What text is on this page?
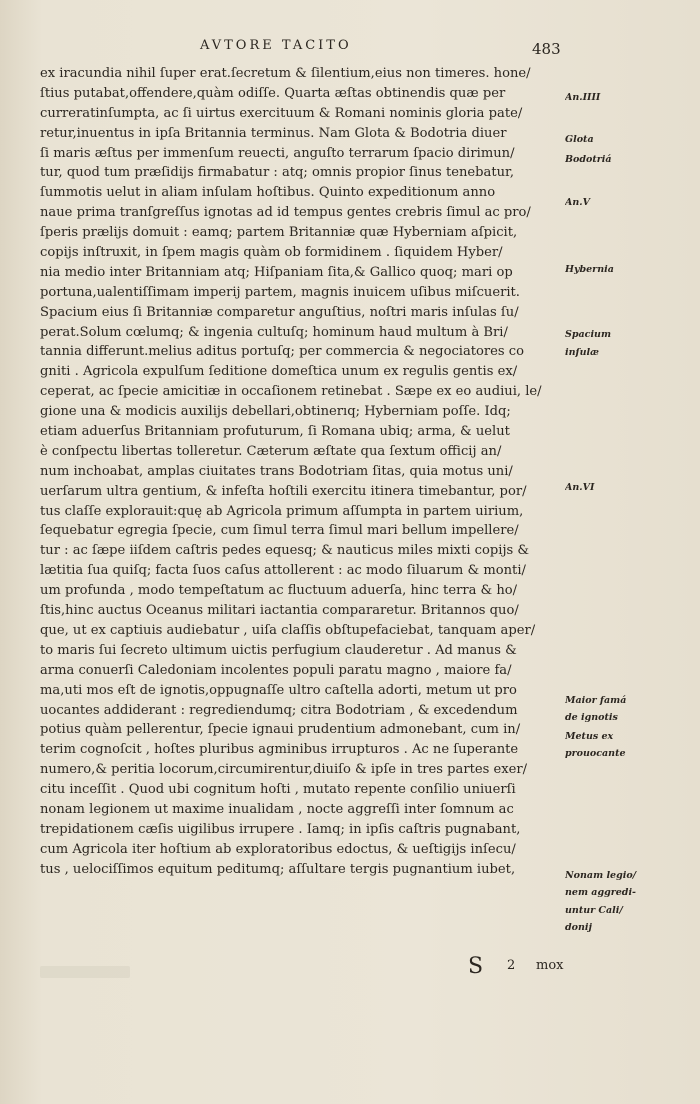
AVTORE TACITO	483
ex iracundia nihil ſuper erat.ſecretum & ſilentium,eius non timeres. hone/
ſtius putabat,offendere,quàm odiſſe. Quarta æſtas obtinendis quæ per
curreratinſumpta, ac ſi uirtus exercituum & Romani nominis gloria pate/
retur,inuentus in ipſa Britannia terminus. Nam Glota & Bodotria diuer
ſi maris æſtus per immenſum reuecti, anguſto terrarum ſpacio dirimun/
tur, quod tum præſidijs firmabatur : atq; omnis propior ſinus tenebatur,
ſummotis uelut in aliam inſulam hoſtibus. Quinto expeditionum anno
naue prima tranſgreſſus ignotas ad id tempus gentes crebris ſimul ac pro/
ſperis prælijs domuit : eamq; partem Britanniæ quæ Hyberniam aſpicit,
copijs inſtruxit, in ſpem magis quàm ob formidinem . ſiquidem Hyber/
nia medio inter Britanniam atq; Hiſpaniam ſita,& Gallico quoq; mari op
portuna,ualentiſſimam imperij partem, magnis inuicem uſibus miſcuerit.
Spacium eius ſi Britanniæ comparetur anguſtius, noſtri maris inſulas ſu/
perat.Solum cœlumq; & ingenia cultuſq; hominum haud multum à Bri/
tannia differunt.melius aditus portuſq; per commercia & negociatores co
gniti . Agricola expulſum ſeditione domeſtica unum ex regulis gentis ex/
ceperat, ac ſpecie amicitiæ in occaſionem retinebat . Sæpe ex eo audiui, le/
gione una & modicis auxilijs debellari,obtinerıq; Hyberniam poſſe. Idq;
etiam aduerſus Britanniam profuturum, ſi Romana ubiq; arma, & uelut
è conſpectu libertas tolleretur. Cæterum æſtate qua ſextum officij an/
num inchoabat, amplas ciuitates trans Bodotriam ſitas, quia motus uni/
uerſarum ultra gentium, & infeſta hoſtili exercitu itinera timebantur, por/
tus claſſe explorauit:quę ab Agricola primum aſſumpta in partem uirium,
ſequebatur egregia ſpecie, cum ſimul terra ſimul mari bellum impellere/
tur : ac ſæpe iiſdem caſtris pedes equesq; & nauticus miles mixti copijs &
lætitia ſua quiſq; facta ſuos caſus attollerent : ac modo ſiluarum & monti/
um profunda , modo tempeſtatum ac fluctuum aduerſa, hinc terra & ho/
ſtis,hinc auctus Oceanus militari iactantia compararetur. Britannos quo/
que, ut ex captiuis audiebatur , uiſa claſſis obſtupefaciebat, tanquam aper/
to maris ſui ſecreto ultimum uictis perfugium clauderetur . Ad manus &
arma conuerſi Caledoniam incolentes populi paratu magno , maiore fa/
ma,uti mos eſt de ignotis,oppugnaſſe ultro caſtella adorti, metum ut pro
uocantes addiderant : regrediendumq; citra Bodotriam , & excedendum
potius quàm pellerentur, ſpecie ignaui prudentium admonebant, cum in/
terim cognoſcit , hoſtes pluribus agminibus irrupturos . Ac ne ſuperante
numero,& peritia locorum,circumirentur,diuiſo & ipſe in tres partes exer/
citu inceſſit . Quod ubi cognitum hoſti , mutato repente conſilio uniuerſi
nonam legionem ut maxime inualidam , nocte aggreſſi inter ſomnum ac
trepidationem cæſis uigilibus irrupere . Iamq; in ipſis caſtris pugnabant,
cum Agricola iter hoſtium ab exploratoribus edoctus, & ueſtigijs inſecu/
tus , uelociſſimos equitum peditumq; aſſultare tergis pugnantium iubet,
An.IIII
Glota
Bodotriá
An.V
Hybernia
Spacium
inſulæ
An.VI
Maior famá
de ignotis
Metus ex
prouocante
Nonam legio/
nem aggredi-
untur Cali/
donij
S 2 mox
